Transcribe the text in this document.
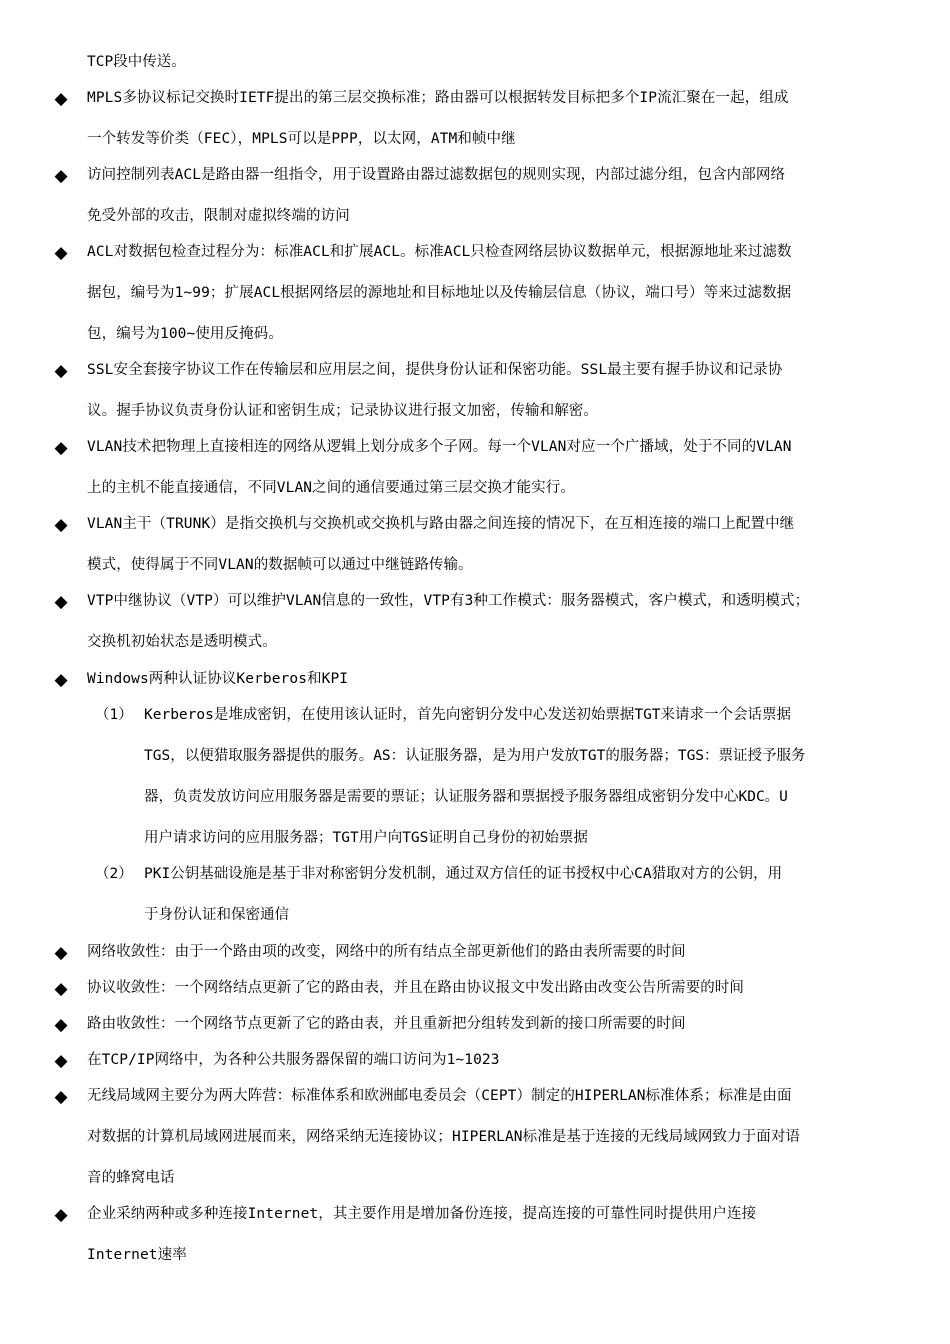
TCP段中传送。
◆ MPLS多协议标记交换时IETF提出的第三层交换标准；路由器可以根据转发目标把多个IP流汇聚在一起，组成
一个转发等价类（FEC），MPLS可以是PPP，以太网，ATM和帧中继
◆ 访问控制列表ACL是路由器一组指令，用于设置路由器过滤数据包的规则实现，内部过滤分组，包含内部网络
免受外部的攻击，限制对虚拟终端的访问
◆ ACL对数据包检查过程分为：标准ACL和扩展ACL。标准ACL只检查网络层协议数据单元，根据源地址来过滤数
据包，编号为1~99；扩展ACL根据网络层的源地址和目标地址以及传输层信息（协议，端口号）等来过滤数据
包，编号为100~使用反掩码。
◆ SSL安全套接字协议工作在传输层和应用层之间，提供身份认证和保密功能。SSL最主要有握手协议和记录协
议。握手协议负责身份认证和密钥生成；记录协议进行报文加密，传输和解密。
◆ VLAN技术把物理上直接相连的网络从逻辑上划分成多个子网。每一个VLAN对应一个广播域，处于不同的VLAN
上的主机不能直接通信，不同VLAN之间的通信要通过第三层交换才能实行。
◆ VLAN主干（TRUNK）是指交换机与交换机或交换机与路由器之间连接的情况下，在互相连接的端口上配置中继
模式，使得属于不同VLAN的数据帧可以通过中继链路传输。
◆ VTP中继协议（VTP）可以维护VLAN信息的一致性，VTP有3种工作模式：服务器模式，客户模式，和透明模式；
交换机初始状态是透明模式。
◆ Windows两种认证协议Kerberos和KPI
（1） Kerberos是堆成密钥，在使用该认证时，首先向密钥分发中心发送初始票据TGT来请求一个会话票据
TGS，以便猎取服务器提供的服务。AS：认证服务器，是为用户发放TGT的服务器；TGS：票证授予服务
器，负责发放访问应用服务器是需要的票证；认证服务器和票据授予服务器组成密钥分发中心KDC。U
用户请求访问的应用服务器；TGT用户向TGS证明自己身份的初始票据
（2） PKI公钥基础设施是基于非对称密钥分发机制，通过双方信任的证书授权中心CA猎取对方的公钥，用
于身份认证和保密通信
◆ 网络收敛性：由于一个路由项的改变，网络中的所有结点全部更新他们的路由表所需要的时间
◆ 协议收敛性：一个网络结点更新了它的路由表，并且在路由协议报文中发出路由改变公告所需要的时间
◆ 路由收敛性：一个网络节点更新了它的路由表，并且重新把分组转发到新的接口所需要的时间
◆ 在TCP/IP网络中，为各种公共服务器保留的端口访问为1~1023
◆ 无线局域网主要分为两大阵营：标准体系和欧洲邮电委员会（CEPT）制定的HIPERLAN标准体系；标准是由面
对数据的计算机局域网进展而来，网络采纳无连接协议；HIPERLAN标准是基于连接的无线局域网致力于面对语
音的蜂窝电话
◆ 企业采纳两种或多种连接Internet，其主要作用是增加备份连接，提高连接的可靠性同时提供用户连接
Internet速率
